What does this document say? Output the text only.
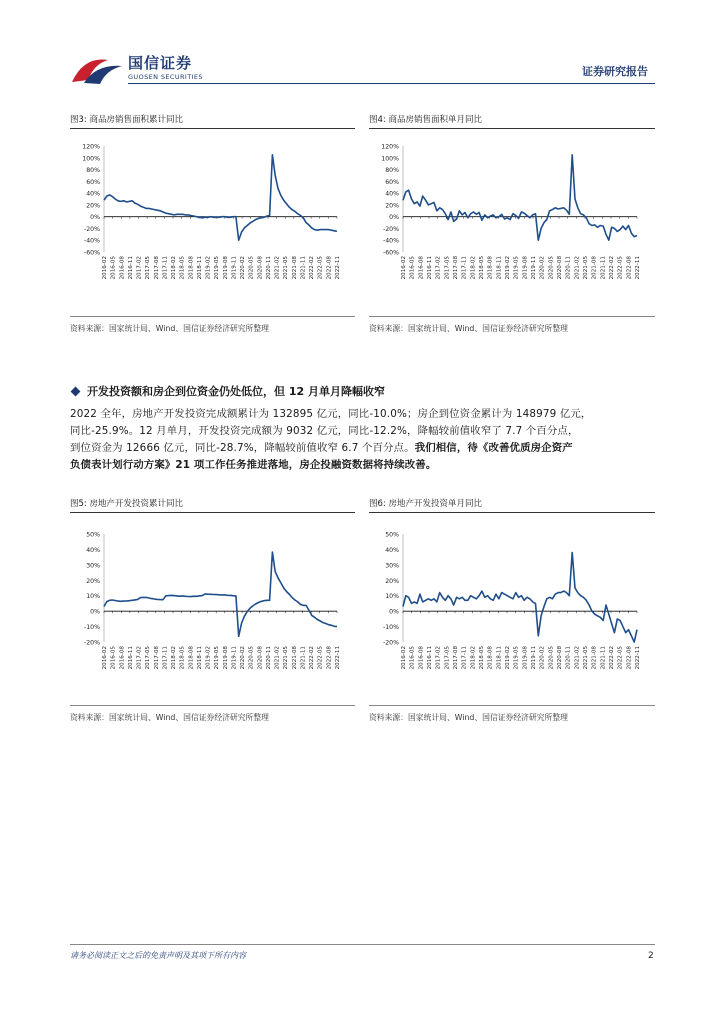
国信证券
GUOSEN SECURITIES	证券研究报告
图3: 商品房销售面积累计同比
120%
100%
80%
60%
40%
20%
0%
-20%
-40%
-60%
2016-02 2016-05 2016-08 2016-11 2017-02 2017-05 2017-08 2017-11 2018-02 2018-05 2018-08 2018-11 2019-02 2019-05 2019-08 2019-11 2020-02 2020-05 2020-08 2020-11 2021-02 2021-05 2021-08 2021-11 2022-02 2022-05 2022-08 2022-11
资料来源：国家统计局、Wind、国信证券经济研究所整理
图4: 商品房销售面积单月同比
120%
100%
80%
60%
40%
20%
0%
-20%
-40%
-60%
2016-02 2016-05 2016-08 2016-11 2017-02 2017-05 2017-08 2017-11 2018-02 2018-05 2018-08 2018-11 2019-02 2019-05 2019-08 2019-11 2020-02 2020-05 2020-08 2020-11 2021-02 2021-05 2021-08 2021-11 2022-02 2022-05 2022-08 2022-11
资料来源：国家统计局、Wind、国信证券经济研究所整理
开发投资额和房企到位资金仍处低位，但 12 月单月降幅收窄
2022 全年，房地产开发投资完成额累计为 132895 亿元，同比-10.0%；房企到位资金累计为 148979 亿元，
同比-25.9%。12 月单月，开发投资完成额为 9032 亿元，同比-12.2%，降幅较前值收窄了 7.7 个百分点，
到位资金为 12666 亿元，同比-28.7%，降幅较前值收窄 6.7 个百分点。我们相信，待《改善优质房企资产
负债表计划行动方案》21 项工作任务推进落地，房企投融资数据将持续改善。
图5: 房地产开发投资累计同比
50%
40%
30%
20%
10%
0%
-10%
-20%
2016-02 2016-05 2016-08 2016-11 2017-02 2017-05 2017-08 2017-11 2018-02 2018-05 2018-08 2018-11 2019-02 2019-05 2019-08 2019-11 2020-02 2020-05 2020-08 2020-11 2021-02 2021-05 2021-08 2021-11 2022-02 2022-05 2022-08 2022-11
资料来源：国家统计局、Wind、国信证券经济研究所整理
图6: 房地产开发投资单月同比
50%
40%
30%
20%
10%
0%
-10%
-20%
2016-02 2016-05 2016-08 2016-11 2017-02 2017-05 2017-08 2017-11 2018-02 2018-05 2018-08 2018-11 2019-02 2019-05 2019-08 2019-11 2020-02 2020-05 2020-08 2020-11 2021-02 2021-05 2021-08 2021-11 2022-02 2022-05 2022-08 2022-11
资料来源：国家统计局、Wind、国信证券经济研究所整理
请务必阅读正文之后的免责声明及其项下所有内容	2
